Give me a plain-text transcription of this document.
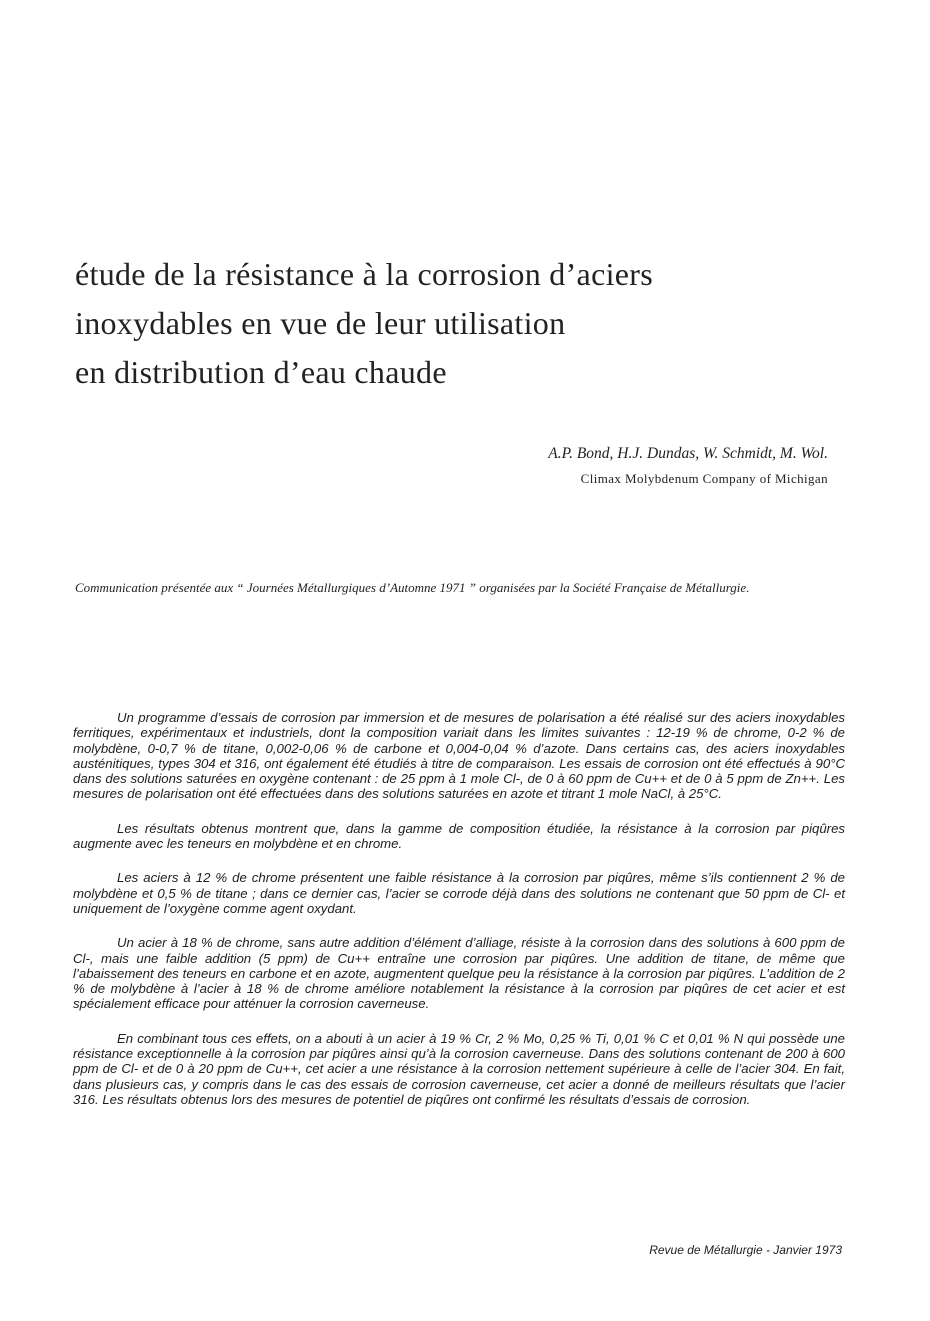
étude de la résistance à la corrosion d’aciers
inoxydables en vue de leur utilisation
en distribution d’eau chaude
A.P. Bond, H.J. Dundas, W. Schmidt, M. Wol.
Climax Molybdenum Company of Michigan

Communication présentée aux “ Journées Métallurgiques d’Automne 1971 ” organisées par la Société Française de Métallurgie.

Un programme d’essais de corrosion par immersion et de mesures de polarisation a été réalisé sur des aciers inoxydables ferritiques, expérimentaux et industriels, dont la composition variait dans les limites suivantes : 12-19 % de chrome, 0-2 % de molybdène, 0-0,7 % de titane, 0,002-0,06 % de carbone et 0,004-0,04 % d’azote. Dans certains cas, des aciers inoxydables austénitiques, types 304 et 316, ont également été étudiés à titre de comparaison. Les essais de corrosion ont été effectués à 90°C dans des solutions saturées en oxygène contenant : de 25 ppm à 1 mole Cl-, de 0 à 60 ppm de Cu++ et de 0 à 5 ppm de Zn++. Les mesures de polarisation ont été effectuées dans des solutions saturées en azote et titrant 1 mole NaCl, à 25°C.

Les résultats obtenus montrent que, dans la gamme de composition étudiée, la résistance à la corrosion par piqûres augmente avec les teneurs en molybdène et en chrome.

Les aciers à 12 % de chrome présentent une faible résistance à la corrosion par piqûres, même s’ils contiennent 2 % de molybdène et 0,5 % de titane ; dans ce dernier cas, l’acier se corrode déjà dans des solutions ne contenant que 50 ppm de Cl- et uniquement de l’oxygène comme agent oxydant.

Un acier à 18 % de chrome, sans autre addition d’élément d’alliage, résiste à la corrosion dans des solutions à 600 ppm de Cl-, mais une faible addition (5 ppm) de Cu++ entraîne une corrosion par piqûres. Une addition de titane, de même que l’abaissement des teneurs en carbone et en azote, augmentent quelque peu la résistance à la corrosion par piqûres. L’addition de 2 % de molybdène à l’acier à 18 % de chrome améliore notablement la résistance à la corrosion par piqûres de cet acier et est spécialement efficace pour atténuer la corrosion caverneuse.

En combinant tous ces effets, on a abouti à un acier à 19 % Cr, 2 % Mo, 0,25 % Ti, 0,01 % C et 0,01 % N qui possède une résistance exceptionnelle à la corrosion par piqûres ainsi qu’à la corrosion caverneuse. Dans des solutions contenant de 200 à 600 ppm de Cl- et de 0 à 20 ppm de Cu++, cet acier a une résistance à la corrosion nettement supérieure à celle de l’acier 304. En fait, dans plusieurs cas, y compris dans le cas des essais de corrosion caverneuse, cet acier a donné de meilleurs résultats que l’acier 316. Les résultats obtenus lors des mesures de potentiel de piqûres ont confirmé les résultats d’essais de corrosion.

Revue de Métallurgie - Janvier 1973
